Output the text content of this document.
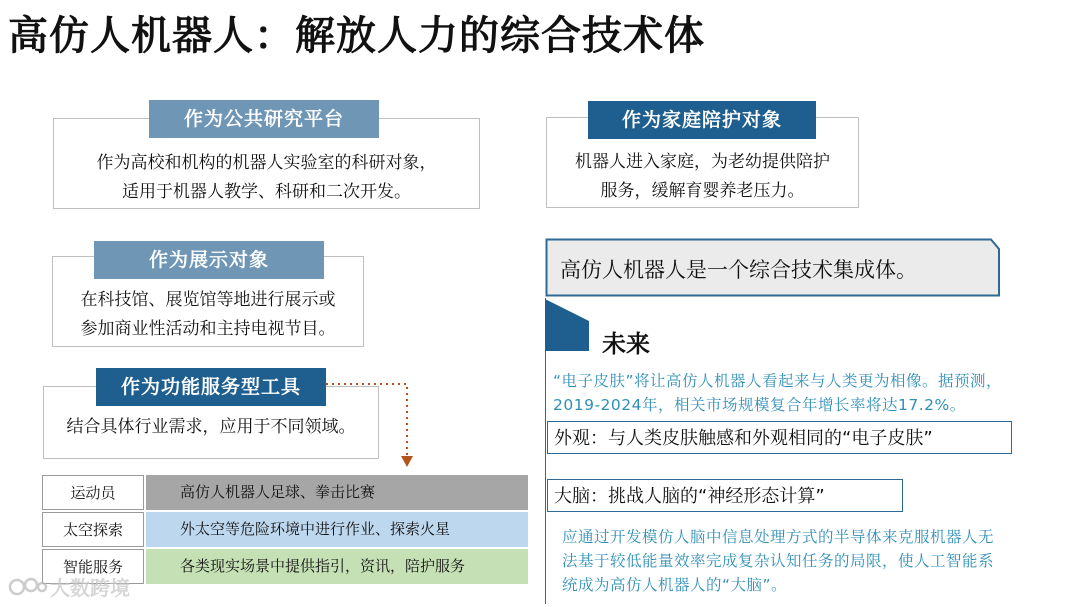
高仿人机器人：解放人力的综合技术体
作为高校和机构的机器人实验室的科研对象，
适用于机器人教学、科研和二次开发。
作为公共研究平台
在科技馆、展览馆等地进行展示或
参加商业性活动和主持电视节目。
作为展示对象
结合具体行业需求，应用于不同领域。
作为功能服务型工具
运动员	高仿人机器人足球、拳击比赛
太空探索	外太空等危险环境中进行作业、探索火星
智能服务	各类现实场景中提供指引，资讯，陪护服务
大数跨境
机器人进入家庭，为老幼提供陪护
服务，缓解育婴养老压力。
作为家庭陪护对象
高仿人机器人是一个综合技术集成体。
未来
“电子皮肤”将让高仿人机器人看起来与人类更为相像。据预测，
2019-2024年，相关市场规模复合年增长率将达17.2%。
外观：与人类皮肤触感和外观相同的“电子皮肤”
大脑：挑战人脑的“神经形态计算”
应通过开发模仿人脑中信息处理方式的半导体来克服机器人无
法基于较低能量效率完成复杂认知任务的局限，使人工智能系
统成为高仿人机器人的“大脑”。
